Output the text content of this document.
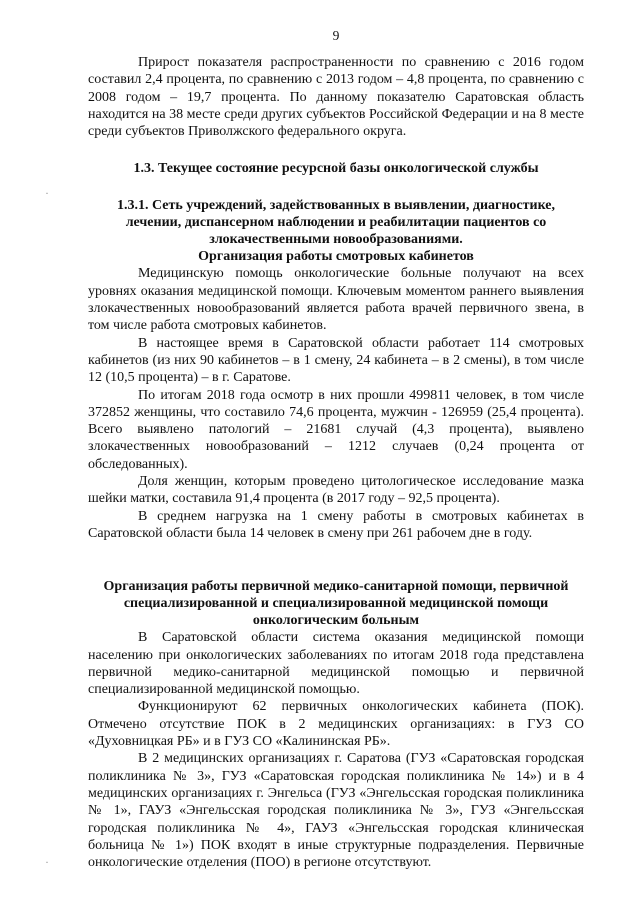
·
·
9

Прирост показателя распространенности по сравнению с 2016 годом составил 2,4 процента, по сравнению с 2013 годом – 4,8 процента, по сравнению с 2008 годом – 19,7 процента. По данному показателю Саратовская область находится на 38 месте среди других субъектов Российской Федерации и на 8 месте среди субъектов Приволжского федерального округа.

1.3. Текущее состояние ресурсной базы онкологической службы
1.3.1. Сеть учреждений, задействованных в выявлении, диагностике, лечении, диспансерном наблюдении и реабилитации пациентов со злокачественными новообразованиями.
Организация работы смотровых кабинетов

Медицинскую помощь онкологические больные получают на всех уровнях оказания медицинской помощи. Ключевым моментом раннего выявления злокачественных новообразований является работа врачей первичного звена, в том числе работа смотровых кабинетов.

В настоящее время в Саратовской области работает 114 смотровых кабинетов (из них 90 кабинетов – в 1 смену, 24 кабинета – в 2 смены), в том числе 12 (10,5 процента) – в г. Саратове.

По итогам 2018 года осмотр в них прошли 499811 человек, в том числе 372852 женщины, что составило 74,6 процента, мужчин - 126959 (25,4 процента). Всего выявлено патологий – 21681 случай (4,3 процента), выявлено злокачественных новообразований – 1212 случаев (0,24 процента от обследованных).

Доля женщин, которым проведено цитологическое исследование мазка шейки матки, составила 91,4 процента (в 2017 году – 92,5 процента).

В среднем нагрузка на 1 смену работы в смотровых кабинетах в Саратовской области была 14 человек в смену при 261 рабочем дне в году.

Организация работы первичной медико-санитарной помощи, первичной специализированной и специализированной медицинской помощи онкологическим больным

В Саратовской области система оказания медицинской помощи населению при онкологических заболеваниях по итогам 2018 года представлена первичной медико-санитарной медицинской помощью и первичной специализированной медицинской помощью.

Функционируют 62 первичных онкологических кабинета (ПОК). Отмечено отсутствие ПОК в 2 медицинских организациях: в ГУЗ СО «Духовницкая РБ» и в ГУЗ СО «Калининская РБ».

В 2 медицинских организациях г. Саратова (ГУЗ «Саратовская городская поликлиника № 3», ГУЗ «Саратовская городская поликлиника № 14») и в 4 медицинских организациях г. Энгельса (ГУЗ «Энгельсская городская поликлиника № 1», ГАУЗ «Энгельсская городская поликлиника № 3», ГУЗ «Энгельсская городская поликлиника № 4», ГАУЗ «Энгельсская городская клиническая больница № 1») ПОК входят в иные структурные подразделения. Первичные онкологические отделения (ПОО) в регионе отсутствуют.
